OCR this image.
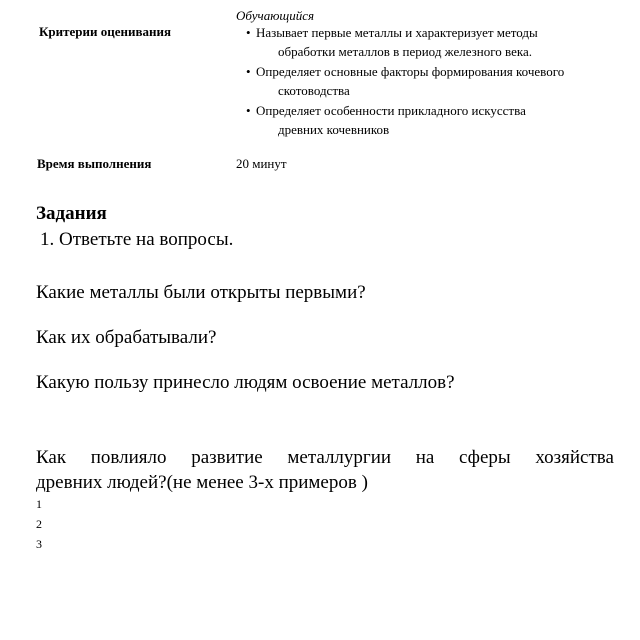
Критерии оценивания
Обучающийся
• Называет первые металлы и характеризует методы
обработки металлов в период железного века.
• Определяет основные факторы формирования кочевого
скотоводства
• Определяет особенности прикладного искусства
древних кочевников
Время выполнения	20 минут
Задания
1. Ответьте на вопросы.
Какие металлы были открыты первыми?
Как их обрабатывали?
Какую пользу принесло людям освоение металлов?
Как повлияло развитие металлургии на сферы хозяйства
древних людей?(не менее 3-х примеров )
1
2
3
